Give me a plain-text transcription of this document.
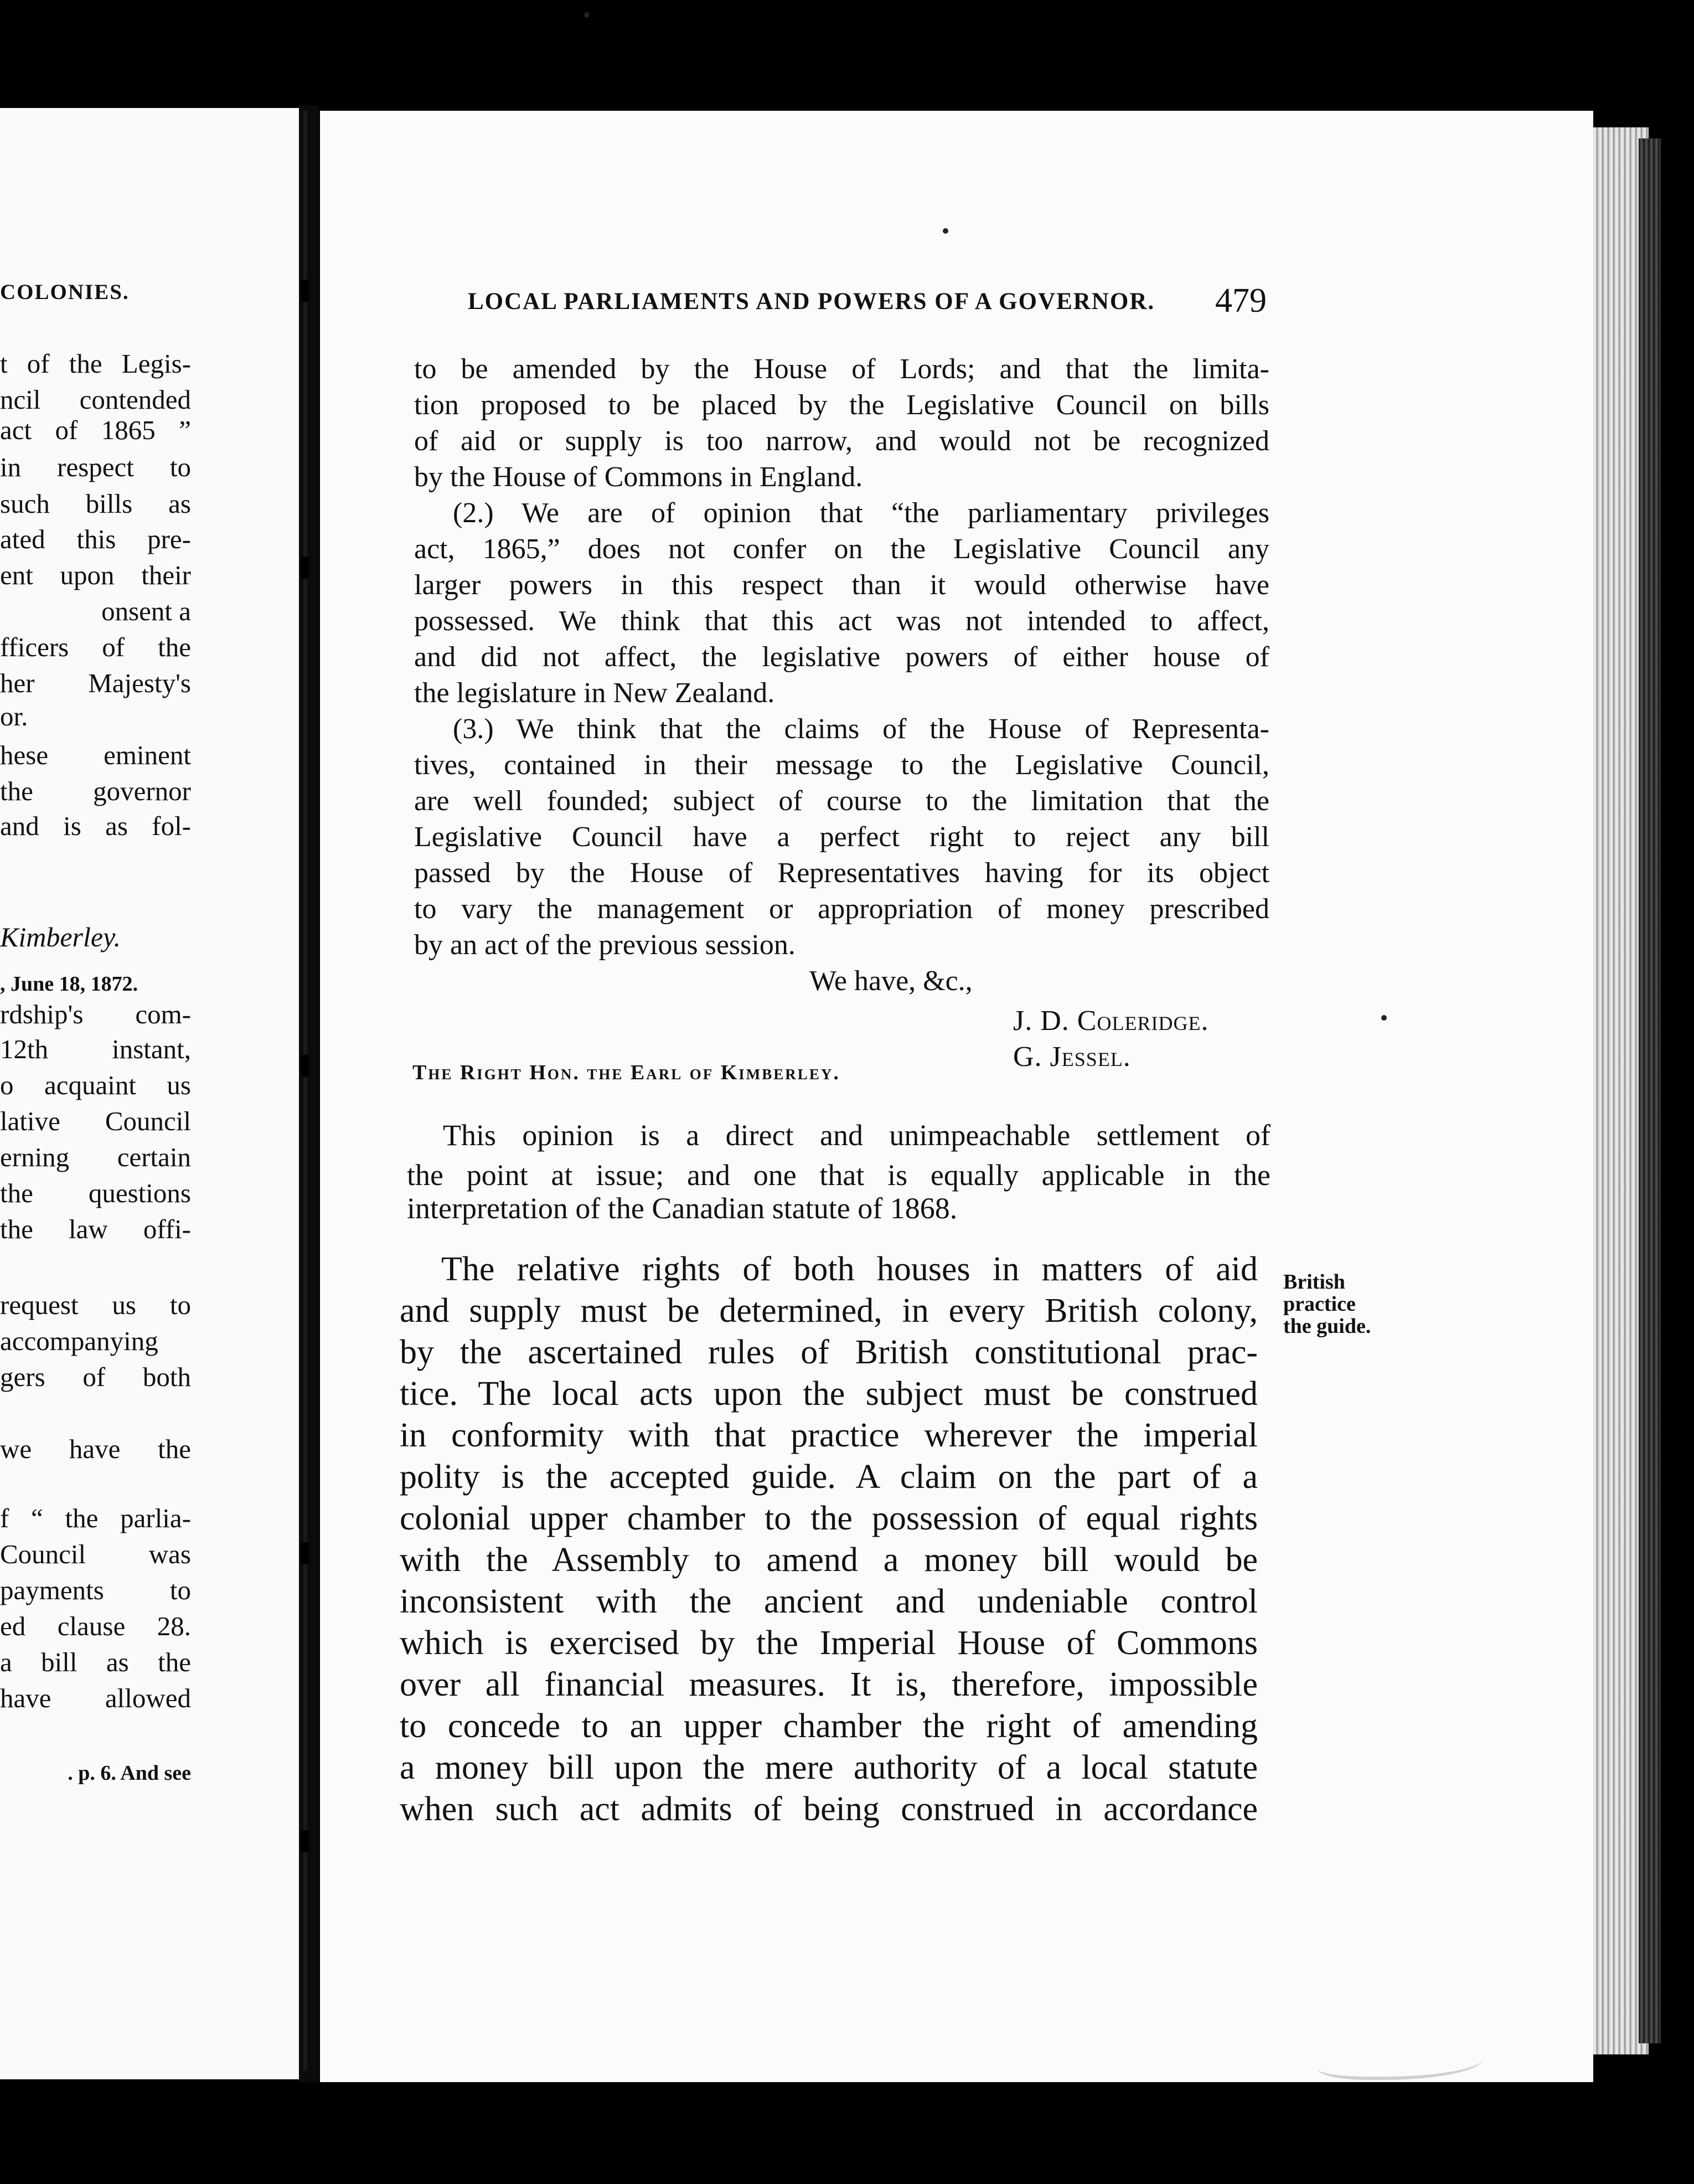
COLONIES.
t of the Legis-
ncil contended
act of 1865 ”
in respect to
such bills as
ated this pre-
ent upon their
onsent a
fficers of the
her Majesty's
or.
hese eminent
the governor
and is as fol-
Kimberley.
, June 18, 1872.
rdship's com-
12th instant,
o acquaint us
lative Council
erning certain
the questions
the law offi-
request us to
accompanying
gers of both
we have the
f “ the parlia-
Council was
payments to
ed clause 28.
a bill as the
have allowed
. p. 6. And see
LOCAL PARLIAMENTS AND POWERS OF A GOVERNOR.	479
to be amended by the House of Lords; and that the limita-
tion proposed to be placed by the Legislative Council on bills
of aid or supply is too narrow, and would not be recognized
by the House of Commons in England.
(2.) We are of opinion that “the parliamentary privileges
act, 1865,” does not confer on the Legislative Council any
larger powers in this respect than it would otherwise have
possessed. We think that this act was not intended to affect,
and did not affect, the legislative powers of either house of
the legislature in New Zealand.
(3.) We think that the claims of the House of Representa-
tives, contained in their message to the Legislative Council,
are well founded; subject of course to the limitation that the
Legislative Council have a perfect right to reject any bill
passed by the House of Representatives having for its object
to vary the management or appropriation of money prescribed
by an act of the previous session.
We have, &c.,
J. D. Coleridge.
G. Jessel.
The Right Hon. the Earl of Kimberley.
This opinion is a direct and unimpeachable settlement of
the point at issue; and one that is equally applicable in the
interpretation of the Canadian statute of 1868.
The relative rights of both houses in matters of aid
and supply must be determined, in every British colony,
by the ascertained rules of British constitutional prac-
tice. The local acts upon the subject must be construed
in conformity with that practice wherever the imperial
polity is the accepted guide. A claim on the part of a
colonial upper chamber to the possession of equal rights
with the Assembly to amend a money bill would be
inconsistent with the ancient and undeniable control
which is exercised by the Imperial House of Commons
over all financial measures. It is, therefore, impossible
to concede to an upper chamber the right of amending
a money bill upon the mere authority of a local statute
when such act admits of being construed in accordance
British
practice
the guide.
